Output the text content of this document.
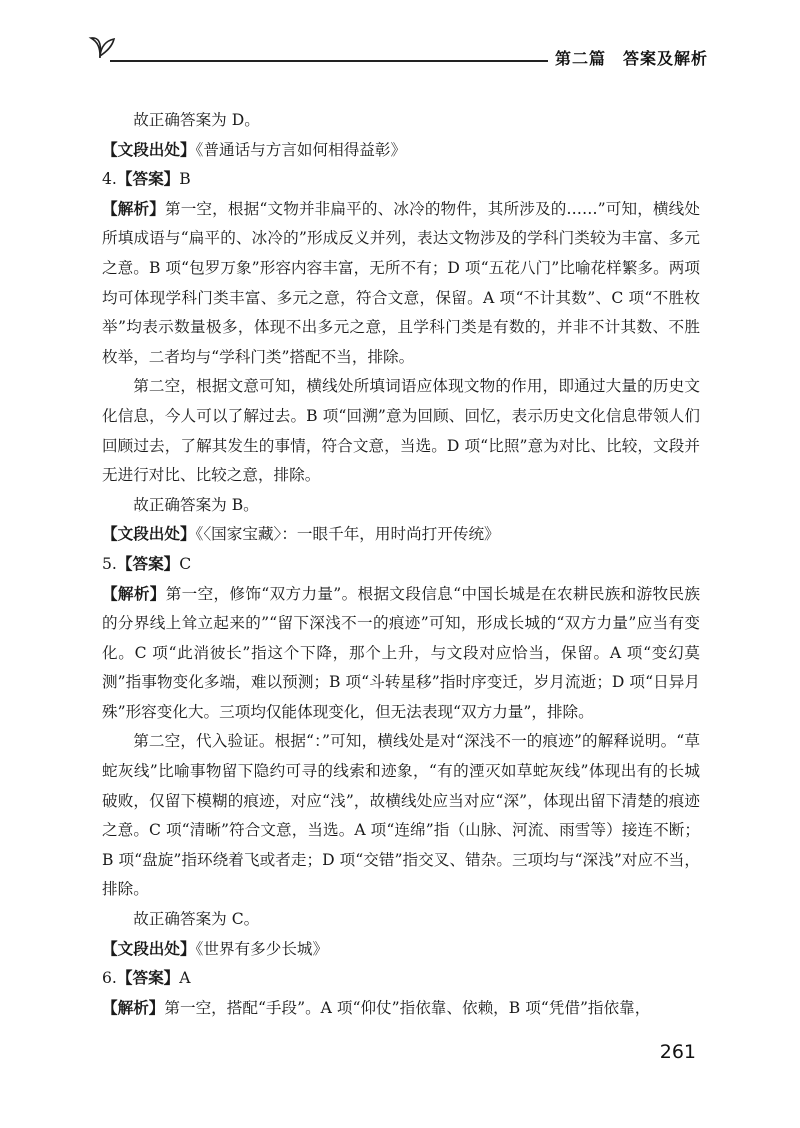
第二篇　答案及解析

故正确答案为 D。

【文段出处】《普通话与方言如何相得益彰》

4.【答案】B

【解析】第一空，根据“文物并非扁平的、冰冷的物件，其所涉及的……”可知，横线处所填成语与“扁平的、冰冷的”形成反义并列，表达文物涉及的学科门类较为丰富、多元之意。B 项“包罗万象”形容内容丰富，无所不有；D 项“五花八门”比喻花样繁多。两项均可体现学科门类丰富、多元之意，符合文意，保留。A 项“不计其数”、C 项“不胜枚举”均表示数量极多，体现不出多元之意，且学科门类是有数的，并非不计其数、不胜枚举，二者均与“学科门类”搭配不当，排除。

第二空，根据文意可知，横线处所填词语应体现文物的作用，即通过大量的历史文化信息，今人可以了解过去。B 项“回溯”意为回顾、回忆，表示历史文化信息带领人们回顾过去，了解其发生的事情，符合文意，当选。D 项“比照”意为对比、比较，文段并无进行对比、比较之意，排除。

故正确答案为 B。

【文段出处】《〈国家宝藏〉：一眼千年，用时尚打开传统》

5.【答案】C

【解析】第一空，修饰“双方力量”。根据文段信息“中国长城是在农耕民族和游牧民族的分界线上耸立起来的”“留下深浅不一的痕迹”可知，形成长城的“双方力量”应当有变化。C 项“此消彼长”指这个下降，那个上升，与文段对应恰当，保留。A 项“变幻莫测”指事物变化多端，难以预测；B 项“斗转星移”指时序变迁，岁月流逝；D 项“日异月殊”形容变化大。三项均仅能体现变化，但无法表现“双方力量”，排除。

第二空，代入验证。根据“：”可知，横线处是对“深浅不一的痕迹”的解释说明。“草蛇灰线”比喻事物留下隐约可寻的线索和迹象，“有的湮灭如草蛇灰线”体现出有的长城破败，仅留下模糊的痕迹，对应“浅”，故横线处应当对应“深”，体现出留下清楚的痕迹之意。C 项“清晰”符合文意，当选。A 项“连绵”指（山脉、河流、雨雪等）接连不断；B 项“盘旋”指环绕着飞或者走；D 项“交错”指交叉、错杂。三项均与“深浅”对应不当，排除。

故正确答案为 C。

【文段出处】《世界有多少长城》

6.【答案】A

【解析】第一空，搭配“手段”。A 项“仰仗”指依靠、依赖，B 项“凭借”指依靠，

261
